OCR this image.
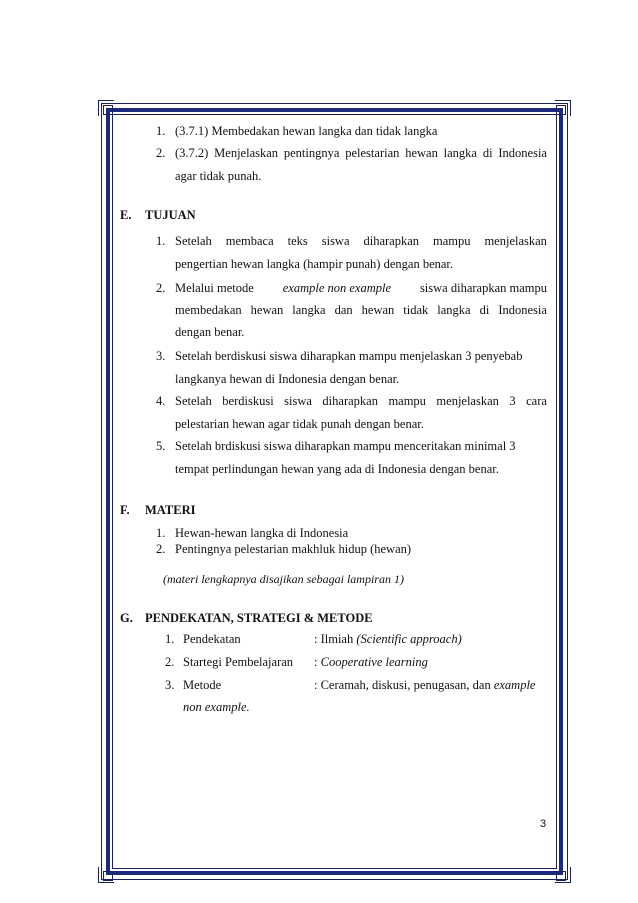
1. (3.7.1) Membedakan hewan langka dan tidak langka
2. (3.7.2) Menjelaskan pentingnya pelestarian hewan langka di Indonesia
agar tidak punah.
E. TUJUAN
1. Setelah membaca teks siswa diharapkan mampu menjelaskan
pengertian hewan langka (hampir punah) dengan benar.
2. Melalui metode example non example siswa diharapkan mampu
membedakan hewan langka dan hewan tidak langka di Indonesia
dengan benar.
3. Setelah berdiskusi siswa diharapkan mampu menjelaskan 3 penyebab
langkanya hewan di Indonesia dengan benar.
4. Setelah berdiskusi siswa diharapkan mampu menjelaskan 3 cara
pelestarian hewan agar tidak punah dengan benar.
5. Setelah brdiskusi siswa diharapkan mampu menceritakan minimal 3
tempat perlindungan hewan yang ada di Indonesia dengan benar.
F. MATERI
1. Hewan-hewan langka di Indonesia
2. Pentingnya pelestarian makhluk hidup (hewan)
(materi lengkapnya disajikan sebagai lampiran 1)
G. PENDEKATAN, STRATEGI & METODE
1. Pendekatan	: Ilmiah (Scientific approach)
2. Startegi Pembelajaran : Cooperative learning
3. Metode	: Ceramah, diskusi, penugasan, dan example
non example.
3
